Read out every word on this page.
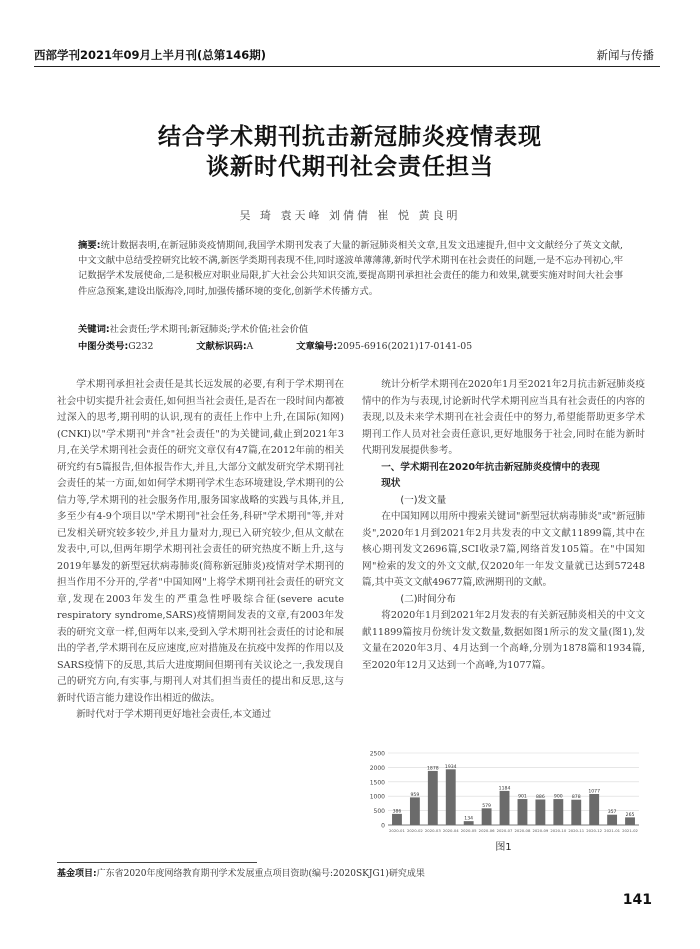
西部学刊2021年09月上半月刊(总第146期)	新闻与传播
结合学术期刊抗击新冠肺炎疫情表现
谈新时代期刊社会责任担当
吴 琦 袁天峰 刘倩倩 崔 悦 黄良明
摘要:统计数据表明,在新冠肺炎疫情期间,我国学术期刊发表了大量的新冠肺炎相关文章,且发文迅速提升,但中文文献经分了英文文献,中文文献中总结受控研究比较不满,新医学类期刊表现不佳,同时遂波单薄薄薄,新时代学术期刊在社会责任的问题,一是不忘办刊初心,牢记数据学术发展使命,二是积极应对职业局限,扩大社会公共知识交流,要提高期刊承担社会责任的能力和效果,就要实施对时间大社会事件应急预案,建设出版海冷,同时,加强传播环境的变化,创新学术传播方式。
关键词:社会责任;学术期刊;新冠肺炎;学术价值;社会价值
中图分类号:G232	文献标识码:A	文章编号:2095-6916(2021)17-0141-05

学术期刊承担社会责任是其长远发展的必要,有利于学术期刊在社会中切实提升社会责任,如何担当社会责任,是否在一段时间内都被过深入的思考,期刊明的认识,现有的责任上作中上升,在国际(知网)(CNKI)以"学术期刊"并含"社会责任"的为关键词,截止到2021年3月,在关学术期刊社会责任的研究文章仅有47篇,在2012年前的相关研究约有5篇报告,但体报告作大,并且,大部分文献发研究学术期刊社会责任的某一方面,如如何学术期刊学术生态环境建设,学术期刊的公信力等,学术期刊的社会服务作用,服务国家战略的实践与具体,并且,多至少有4-9个项目以"学术期刊"社会任务,科研"学术期刊"等,并对已发相关研究较多较少,并且力量对力,现已入研究较少,但从文献在发表中,可以,但两年期学术期刊社会责任的研究热度不断上升,这与2019年暴发的新型冠状病毒肺炎(简称新冠肺炎)疫情对学术期刊的担当作用不分开的,学者"中国知网"上将学术期刊社会责任的研究文章,发现在2003年发生的严重急性呼吸综合征(severe acute respiratory syndrome,SARS)疫情期间发表的文章,有2003年发表的研究文章一样,但两年以来,受到入学术期刊社会责任的讨论和展出的学者,学术期刊在反应速度,应对措施及在抗疫中发挥的作用以及SARS疫情下的反思,其后大进度期间但期刊有关议论之一,我发现自己的研究方向,有实事,与期刊人对其们担当责任的提出和反思,这与新时代语言能力建设作出相近的做法。

新时代对于学术期刊更好地社会责任,本文通过

统计分析学术期刊在2020年1月至2021年2月抗击新冠肺炎疫情中的作为与表现,讨论新时代学术期刊应当具有社会责任的内容的表现,以及未来学术期刊在社会责任中的努力,希望能帮助更多学术期刊工作人员对社会责任意识,更好地服务于社会,同时在能为新时代期刊发展提供参考。

一、学术期刊在2020年抗击新冠肺炎疫情中的表现

现状

(一)发文量

在中国知网以用所中搜索关键词"新型冠状病毒肺炎"或"新冠肺炎",2020年1月到2021年2月共发表的中文文献11899篇,其中在核心期刊发文2696篇,SCI收录7篇,网络首发105篇。在"中国知网"检索的发文的外文文献,仅2020年一年发文量就已达到57248篇,其中英文文献49677篇,欧洲期刊的文献。

(二)时间分布

将2020年1月到2021年2月发表的有关新冠肺炎相关的中文文献11899篇按月份统计发文数量,数据如图1所示的发文量(图1),发文量在2020年3月、4月达到一个高峰,分别为1878篇和1934篇,至2020年12月又达到一个高峰,为1077篇。

0
500
1000
1500
2000
2500
386
2020-01
959
2020-02
1878
2020-03
1934
2020-04
134
2020-05
579
2020-06
1184
2020-07
901
2020-08
886
2020-09
900
2020-10
878
2020-11
1077
2020-12
357
2021-01
265
2021-02
图1
基金项目:广东省2020年度网络教育期刊学术发展重点项目资助(编号:2020SKJG1)研究成果
141
